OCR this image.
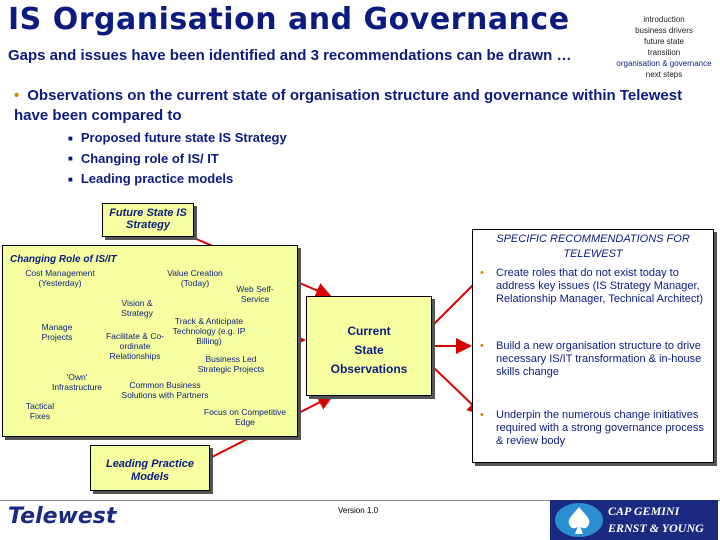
IS Organisation and Governance	introduction
business drivers
future state
transition
organisation & governance
next steps
Gaps and issues have been identified and 3 recommendations can be drawn …
• Observations on the current state of organisation structure and governance within Telewest have been compared to
■ Proposed future state IS Strategy
■ Changing role of IS/ IT
■ Leading practice models
Future State IS Strategy
Changing Role of IS/IT
Cost Management (Yesterday)
Value Creation (Today)
Web Self-Service
Vision & Strategy
Manage Projects
Track & Anticipate Technology (e.g. IP Billing)
Facilitate & Co-ordinate Relationships	Business Led Strategic Projects
'Own' Infrastructure	Common Business Solutions with Partners
Tactical Fixes	Focus on Competitive Edge
Leading Practice Models
Current
State
Observations
SPECIFIC RECOMMENDATIONS FOR TELEWEST
• Create roles that do not exist today to address key issues (IS Strategy Manager, Relationship Manager, Technical Architect)
• Build a new organisation structure to drive necessary IS/IT transformation & in-house skills change
• Underpin the numerous change initiatives required with a strong governance process & review body
Telewest	Version 1.0	CAP GEMINI
ERNST & YOUNG
